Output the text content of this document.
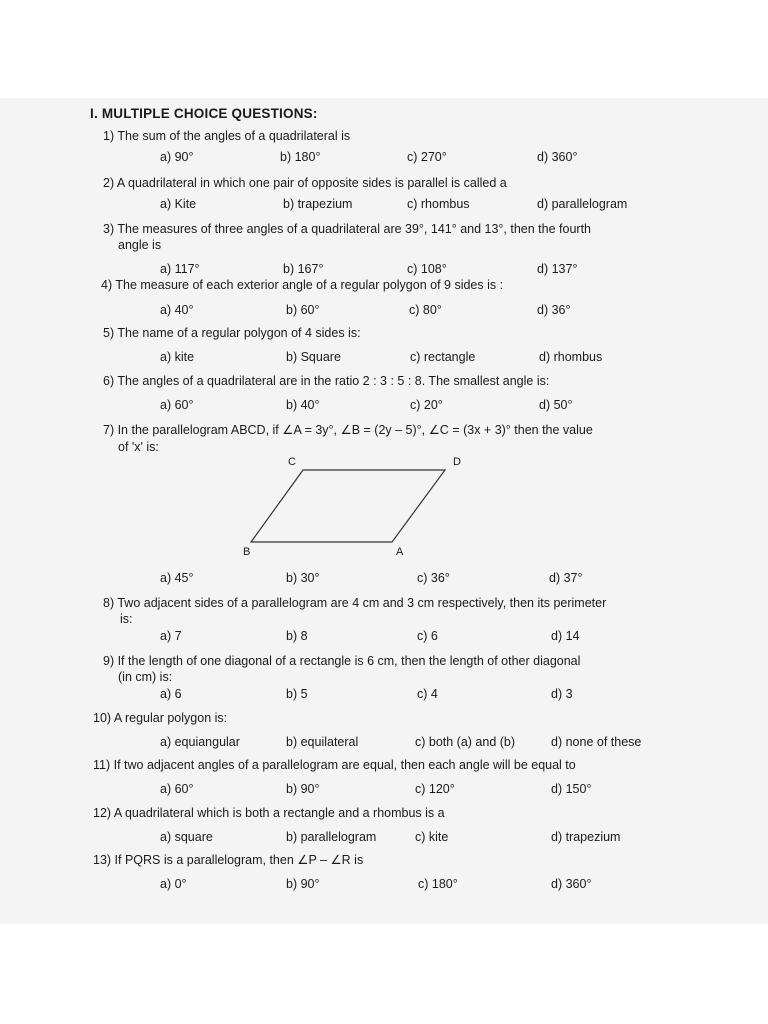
I. MULTIPLE CHOICE QUESTIONS:
1) The sum of the angles of a quadrilateral is
a) 90°	b) 180°	c) 270°	d) 360°
2) A quadrilateral in which one pair of opposite sides is parallel is called a
a) Kite	b) trapezium	c) rhombus	d) parallelogram
3) The measures of three angles of a quadrilateral are 39°, 141° and 13°, then the fourth
angle is
a) 117°	b) 167°	c) 108°	d) 137°
4) The measure of each exterior angle of a regular polygon of 9 sides is :
a) 40°	b) 60°	c) 80°	d) 36°
5) The name of a regular polygon of 4 sides is:
a) kite	b) Square	c) rectangle	d) rhombus
6) The angles of a quadrilateral are in the ratio 2 : 3 : 5 : 8. The smallest angle is:
a) 60°	b) 40°	c) 20°	d) 50°
7) In the parallelogram ABCD, if ∠A = 3y°, ∠B = (2y – 5)°, ∠C = (3x + 3)° then the value
of 'x' is:
C	D
B	A
a) 45°	b) 30°	c) 36°	d) 37°
8) Two adjacent sides of a parallelogram are 4 cm and 3 cm respectively, then its perimeter
is:
a) 7	b) 8	c) 6	d) 14
9) If the length of one diagonal of a rectangle is 6 cm, then the length of other diagonal
(in cm) is:
a) 6	b) 5	c) 4	d) 3
10) A regular polygon is:
a) equiangular	b) equilateral	c) both (a) and (b)	d) none of these
11) If two adjacent angles of a parallelogram are equal, then each angle will be equal to
a) 60°	b) 90°	c) 120°	d) 150°
12) A quadrilateral which is both a rectangle and a rhombus is a
a) square	b) parallelogram	c) kite	d) trapezium
13) If PQRS is a parallelogram, then ∠P – ∠R is
a) 0°	b) 90°	c) 180°	d) 360°
